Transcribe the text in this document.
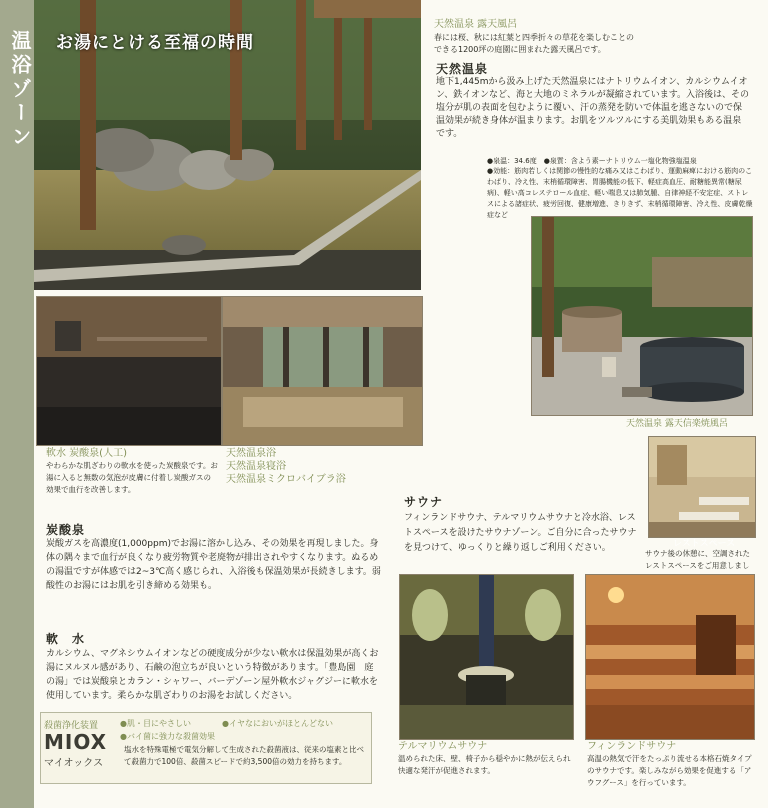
温浴ゾーン お湯にとける至福の時間
天然温泉 露天風呂
春には桜、秋には紅葉と四季折々の草花を楽しむことのできる1200坪の庭園に囲まれた露天風呂です。
天然温泉
地下1,445mから汲み上げた天然温泉にはナトリウムイオン、カルシウムイオン、鉄イオンなど、海と大地のミネラルが凝縮されています。入浴後は、その塩分が肌の表面を包むように覆い、汗の蒸発を防いで体温を逃さないので保温効果が続き身体が温まります。お肌をツルツルにする美肌効果もある温泉です。
●泉温：34.6度　●泉質：含よう素ーナトリウム一塩化物強塩温泉
●効能：筋肉若しくは関節の慢性的な痛み又はこわばり、運動麻痺における筋肉のこわばり、冷え性、末梢循環障害、胃腸機能の低下、軽症高血圧、耐糖能異常(糖尿病)、軽い高コレステロール血症、軽い喘息又は肺気腫、自律神経不安定症、ストレスによる諸症状、疲労回復、健康増進、きりきず、末梢循環障害、冷え性、皮膚乾燥症など
天然温泉 露天信楽焼風呂
軟水 炭酸泉(人工)
やわらかな肌ざわりの軟水を使った炭酸泉です。お湯に入ると無数の気泡が皮膚に付着し炭酸ガスの効果で血行を改善します。
天然温泉浴
天然温泉寝浴
天然温泉ミクロバイブラ浴
炭酸泉
炭酸ガスを高濃度(1,000ppm)でお湯に溶かし込み、その効果を再現しました。身体の隅々まで血行が良くなり疲労物質や老廃物が排出されやすくなります。ぬるめの湯温ですが体感では2~3℃高く感じられ、入浴後も保温効果が長続きします。弱酸性のお湯にはお肌を引き締める効果も。
軟　水
カルシウム、マグネシウムイオンなどの硬度成分が少ない軟水は保温効果が高くお湯にヌルヌル感があり、石鹸の泡立ちが良いという特徴があります。「豊島園　庭の湯」では炭酸泉とカラン・シャワー、バーデゾーン屋外軟水ジャグジーに軟水を使用しています。柔らかな肌ざわりのお湯をお試しください。
殺菌浄化装置
MIOX
マイオックス
●肌・目にやさしい	●イヤなにおいがほとんどない
●バイ菌に強力な殺菌効果
塩水を特殊電極で電気分解して生成された殺菌液は、従来の塩素と比べて殺菌力で100倍、殺菌スピードで約3,500倍の効力を持ちます。
サウナ
フィンランドサウナ、テルマリウムサウナと冷水浴、レストスペースを設けたサウナゾーン。ご自分に合ったサウナを見つけて、ゆっくりと繰り返しご利用ください。	レストスペース
サウナ後の休憩に、空調された レストスペースをご用意しまし
テルマリウムサウナ
温められた床、壁、椅子から穏やかに熱が伝えられ快適な発汗が促進されます。
フィンランドサウナ
高温の熱気で汗をたっぷり流せる本格石焼タイプのサウナです。楽しみながら効果を促進する「アウフグース」を行っています。
